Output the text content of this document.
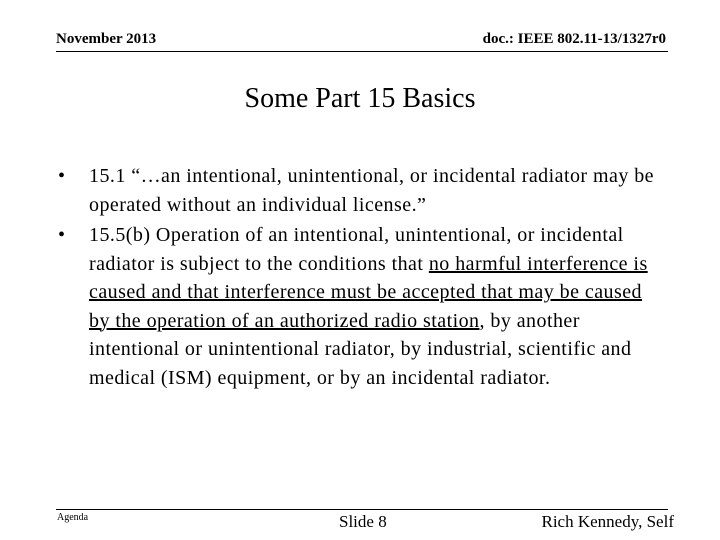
November 2013	doc.: IEEE 802.11-13/1327r0
Some Part 15 Basics
• 15.1 “…an intentional, unintentional, or incidental radiator may be operated without an individual license.”
• 15.5(b) Operation of an intentional, unintentional, or incidental radiator is subject to the conditions that no harmful interference is caused and that interference must be accepted that may be caused by the operation of an authorized radio station, by another intentional or unintentional radiator, by industrial, scientific and medical (ISM) equipment, or by an incidental radiator.
Agenda	Slide 8	Rich Kennedy, Self
